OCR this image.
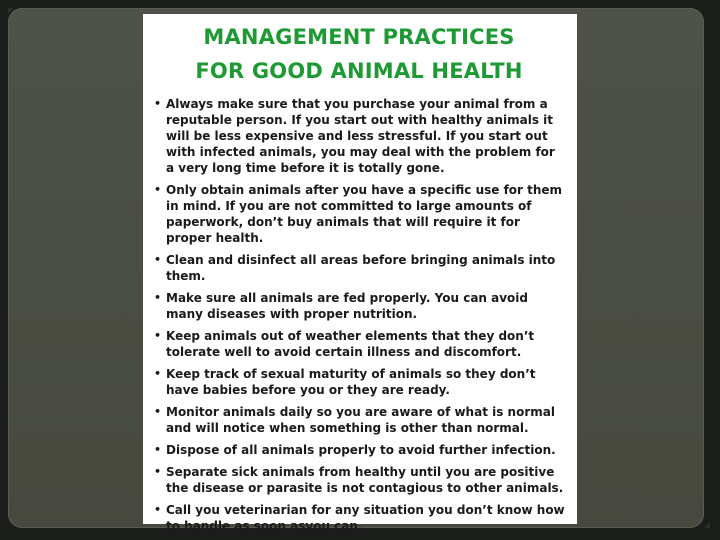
MANAGEMENT PRACTICES
FOR GOOD ANIMAL HEALTH
• Always make sure that you purchase your animal from a reputable person. If you start out with healthy animals it will be less expensive and less stressful. If you start out with infected animals, you may deal with the problem for a very long time before it is totally gone.
• Only obtain animals after you have a specific use for them in mind. If you are not committed to large amounts of paperwork, don’t buy animals that will require it for proper health.
• Clean and disinfect all areas before bringing animals into them.
• Make sure all animals are fed properly. You can avoid many diseases with proper nutrition.
• Keep animals out of weather elements that they don’t tolerate well to avoid certain illness and discomfort.
• Keep track of sexual maturity of animals so they don’t have babies before you or they are ready.
• Monitor animals daily so you are aware of what is normal and will notice when something is other than normal.
• Dispose of all animals properly to avoid further infection.
• Separate sick animals from healthy until you are positive the disease or parasite is not contagious to other animals.
• Call you veterinarian for any situation you don’t know how to handle as soon asyou can.
